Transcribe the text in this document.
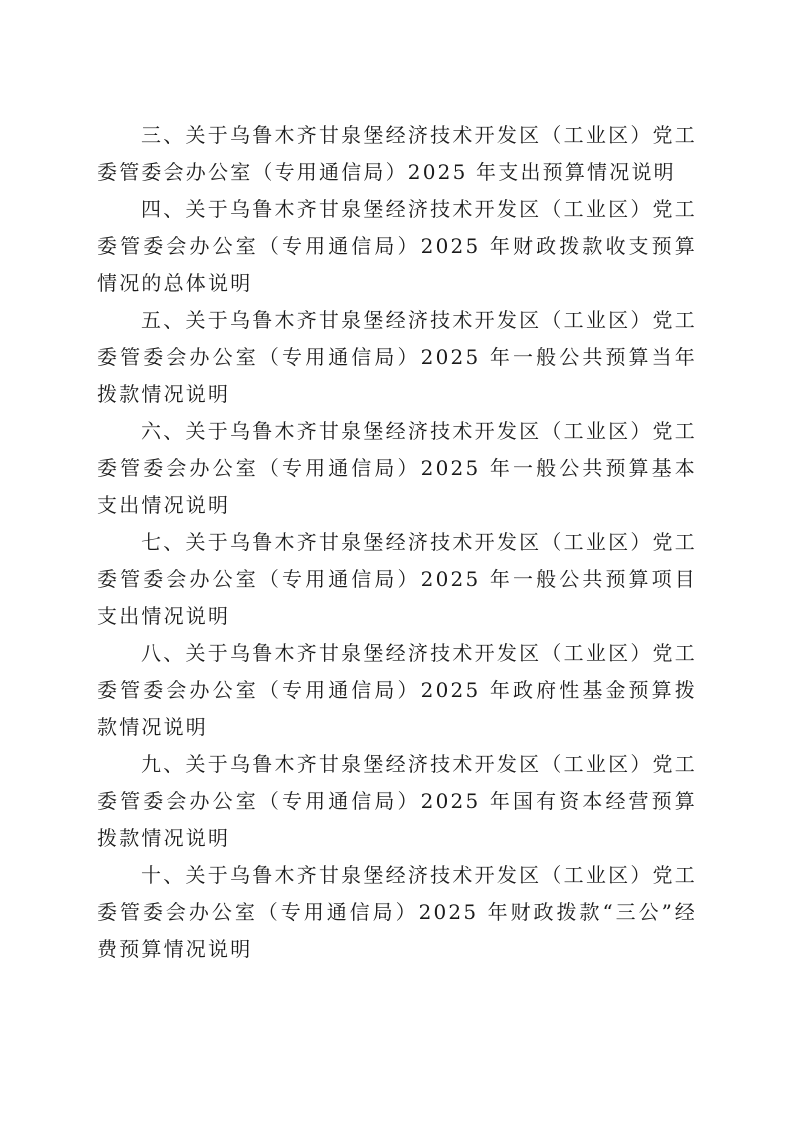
三、关于乌鲁木齐甘泉堡经济技术开发区（工业区）党工委管委会办公室（专用通信局）2025 年支出预算情况说明

四、关于乌鲁木齐甘泉堡经济技术开发区（工业区）党工委管委会办公室（专用通信局）2025 年财政拨款收支预算情况的总体说明

五、关于乌鲁木齐甘泉堡经济技术开发区（工业区）党工委管委会办公室（专用通信局）2025 年一般公共预算当年拨款情况说明

六、关于乌鲁木齐甘泉堡经济技术开发区（工业区）党工委管委会办公室（专用通信局）2025 年一般公共预算基本支出情况说明

七、关于乌鲁木齐甘泉堡经济技术开发区（工业区）党工委管委会办公室（专用通信局）2025 年一般公共预算项目支出情况说明

八、关于乌鲁木齐甘泉堡经济技术开发区（工业区）党工委管委会办公室（专用通信局）2025 年政府性基金预算拨款情况说明

九、关于乌鲁木齐甘泉堡经济技术开发区（工业区）党工委管委会办公室（专用通信局）2025 年国有资本经营预算拨款情况说明

十、关于乌鲁木齐甘泉堡经济技术开发区（工业区）党工委管委会办公室（专用通信局）2025 年财政拨款“三公”经费预算情况说明
